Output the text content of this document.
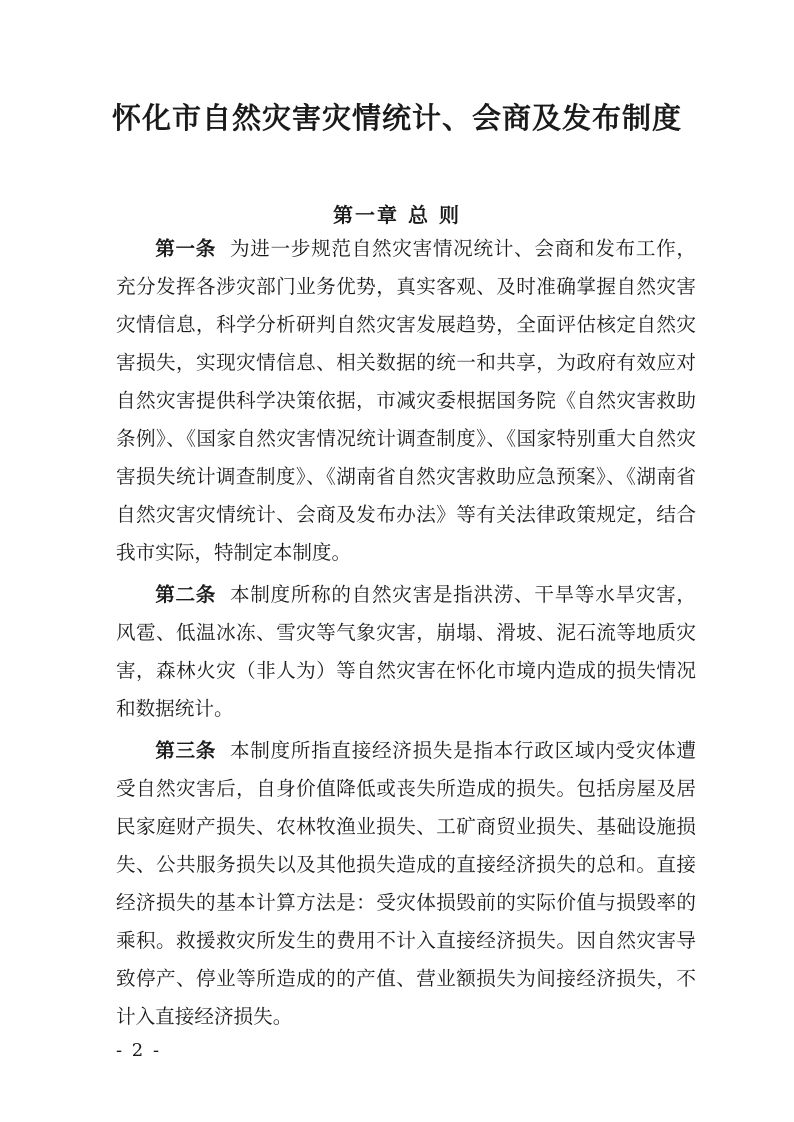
怀化市自然灾害灾情统计、会商及发布制度
第一章 总 则

第一条 为进一步规范自然灾害情况统计、会商和发布工作，充分发挥各涉灾部门业务优势，真实客观、及时准确掌握自然灾害灾情信息，科学分析研判自然灾害发展趋势，全面评估核定自然灾害损失，实现灾情信息、相关数据的统一和共享，为政府有效应对自然灾害提供科学决策依据，市减灾委根据国务院《自然灾害救助条例》、《国家自然灾害情况统计调查制度》、《国家特别重大自然灾害损失统计调查制度》、《湖南省自然灾害救助应急预案》、《湖南省自然灾害灾情统计、会商及发布办法》等有关法律政策规定，结合我市实际，特制定本制度。

第二条 本制度所称的自然灾害是指洪涝、干旱等水旱灾害，风雹、低温冰冻、雪灾等气象灾害，崩塌、滑坡、泥石流等地质灾害，森林火灾（非人为）等自然灾害在怀化市境内造成的损失情况和数据统计。

第三条 本制度所指直接经济损失是指本行政区域内受灾体遭受自然灾害后，自身价值降低或丧失所造成的损失。包括房屋及居民家庭财产损失、农林牧渔业损失、工矿商贸业损失、基础设施损失、公共服务损失以及其他损失造成的直接经济损失的总和。直接经济损失的基本计算方法是：受灾体损毁前的实际价值与损毁率的乘积。救援救灾所发生的费用不计入直接经济损失。因自然灾害导致停产、停业等所造成的的产值、营业额损失为间接经济损失，不计入直接经济损失。

- 2 -
